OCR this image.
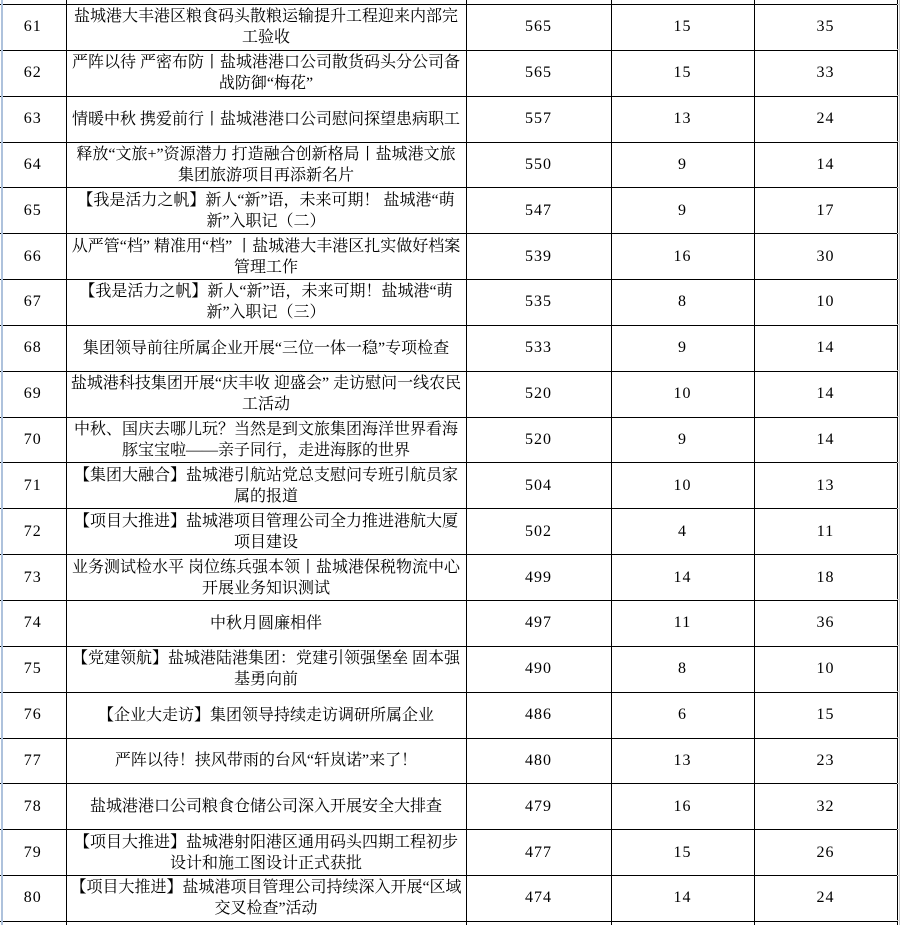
61	盐城港大丰港区粮食码头散粮运输提升工程迎来内部完工验收	565	15	35
62	严阵以待 严密布防丨盐城港港口公司散货码头分公司备战防御“梅花”	565	15	33
63	情暖中秋 携爱前行丨盐城港港口公司慰问探望患病职工	557	13	24
64	释放“文旅+”资源潜力 打造融合创新格局丨盐城港文旅集团旅游项目再添新名片	550	9	14
65	【我是活力之帆】新人“新”语，未来可期！ 盐城港“萌新”入职记（二）	547	9	17
66	从严管“档” 精准用“档” 丨盐城港大丰港区扎实做好档案管理工作	539	16	30
67	【我是活力之帆】新人“新”语，未来可期！盐城港“萌新”入职记（三）	535	8	10
68	集团领导前往所属企业开展“三位一体一稳”专项检查	533	9	14
69	盐城港科技集团开展“庆丰收 迎盛会” 走访慰问一线农民工活动	520	10	14
70	中秋、国庆去哪儿玩？当然是到文旅集团海洋世界看海豚宝宝啦——亲子同行，走进海豚的世界	520	9	14
71	【集团大融合】盐城港引航站党总支慰问专班引航员家属的报道	504	10	13
72	【项目大推进】盐城港项目管理公司全力推进港航大厦项目建设	502	4	11
73	业务测试检水平 岗位练兵强本领丨盐城港保税物流中心开展业务知识测试	499	14	18
74	中秋月圆廉相伴	497	11	36
75	【党建领航】盐城港陆港集团：党建引领强堡垒 固本强基勇向前	490	8	10
76	【企业大走访】集团领导持续走访调研所属企业	486	6	15
77	严阵以待！挟风带雨的台风“轩岚诺”来了！	480	13	23
78	盐城港港口公司粮食仓储公司深入开展安全大排查	479	16	32
79	【项目大推进】盐城港射阳港区通用码头四期工程初步设计和施工图设计正式获批	477	15	26
80	【项目大推进】盐城港项目管理公司持续深入开展“区域交叉检查”活动	474	14	24
